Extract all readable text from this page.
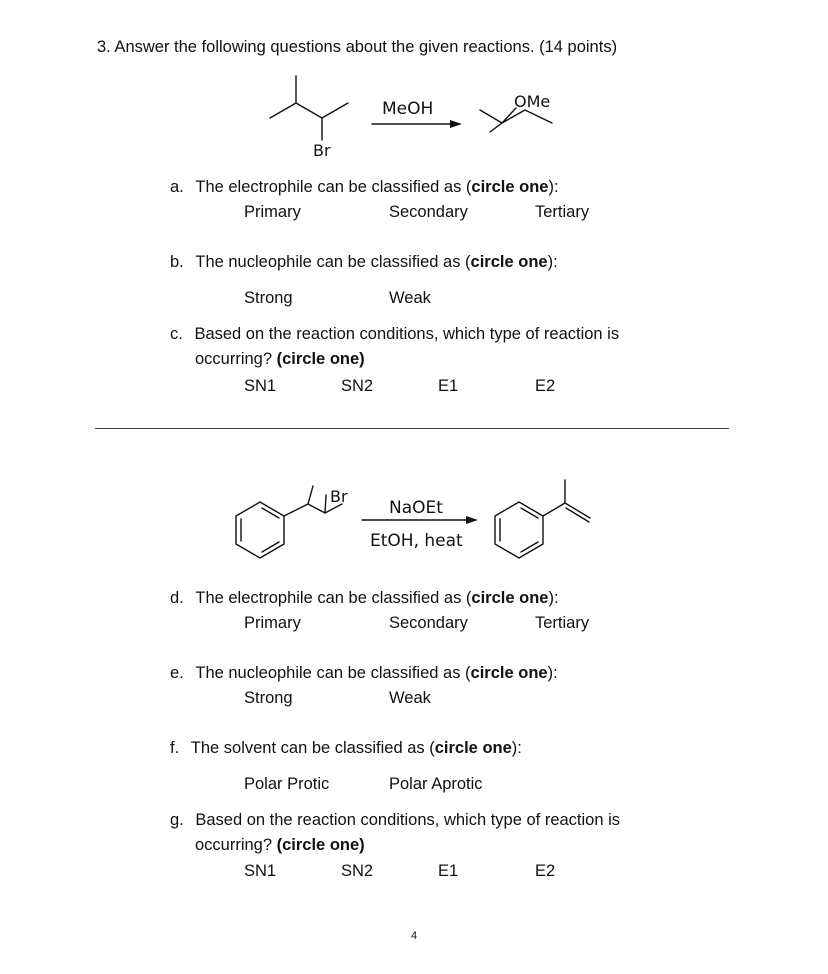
3. Answer the following questions about the given reactions. (14 points)
Br
MeOH	OMe
a. The electrophile can be classified as (circle one):
Primary	Secondary	Tertiary
b. The nucleophile can be classified as (circle one):
Strong	Weak
c. Based on the reaction conditions, which type of reaction is
occurring? (circle one)
SN1	SN2	E1	E2
Br
NaOEt
EtOH, heat
d. The electrophile can be classified as (circle one):
Primary	Secondary	Tertiary
e. The nucleophile can be classified as (circle one):
Strong	Weak
f. The solvent can be classified as (circle one):
Polar Protic	Polar Aprotic
g. Based on the reaction conditions, which type of reaction is
occurring? (circle one)
SN1	SN2	E1	E2
4
